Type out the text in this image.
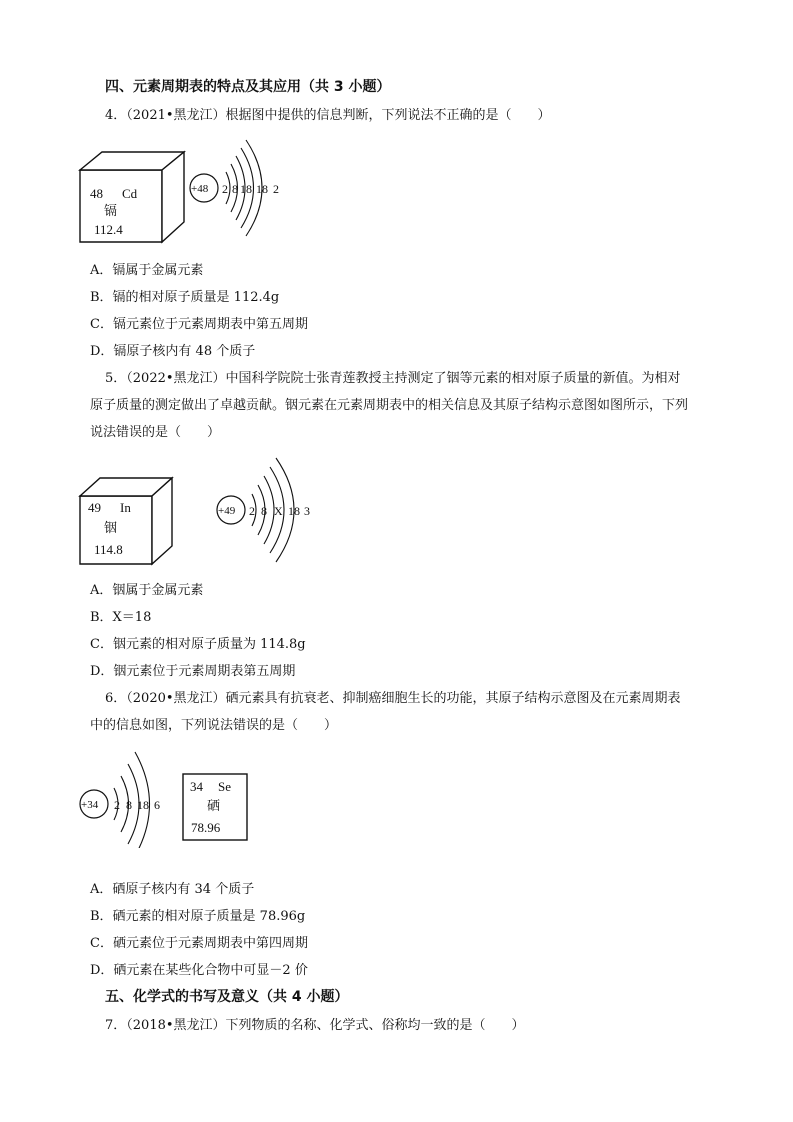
四、元素周期表的特点及其应用（共 3 小题）
4．（2021•黑龙江）根据图中提供的信息判断，下列说法不正确的是（　　）
48 Cd
镉
112.4
+48 2 8 18 18 2
A．镉属于金属元素
B．镉的相对原子质量是 112.4g
C．镉元素位于元素周期表中第五周期
D．镉原子核内有 48 个质子
5．（2022•黑龙江）中国科学院院士张青莲教授主持测定了铟等元素的相对原子质量的新值。为相对
原子质量的测定做出了卓越贡献。铟元素在元素周期表中的相关信息及其原子结构示意图如图所示，下列
说法错误的是（　　）
49 In
铟
114.8
+49 2 8 X 18 3
A．铟属于金属元素
B．X＝18
C．铟元素的相对原子质量为 114.8g
D．铟元素位于元素周期表第五周期
6．（2020•黑龙江）硒元素具有抗衰老、抑制癌细胞生长的功能，其原子结构示意图及在元素周期表
中的信息如图，下列说法错误的是（　　）
+34 2 8 18 6
34 Se
硒
78.96
A．硒原子核内有 34 个质子
B．硒元素的相对原子质量是 78.96g
C．硒元素位于元素周期表中第四周期
D．硒元素在某些化合物中可显－2 价
五、化学式的书写及意义（共 4 小题）
7．（2018•黑龙江）下列物质的名称、化学式、俗称均一致的是（　　）
